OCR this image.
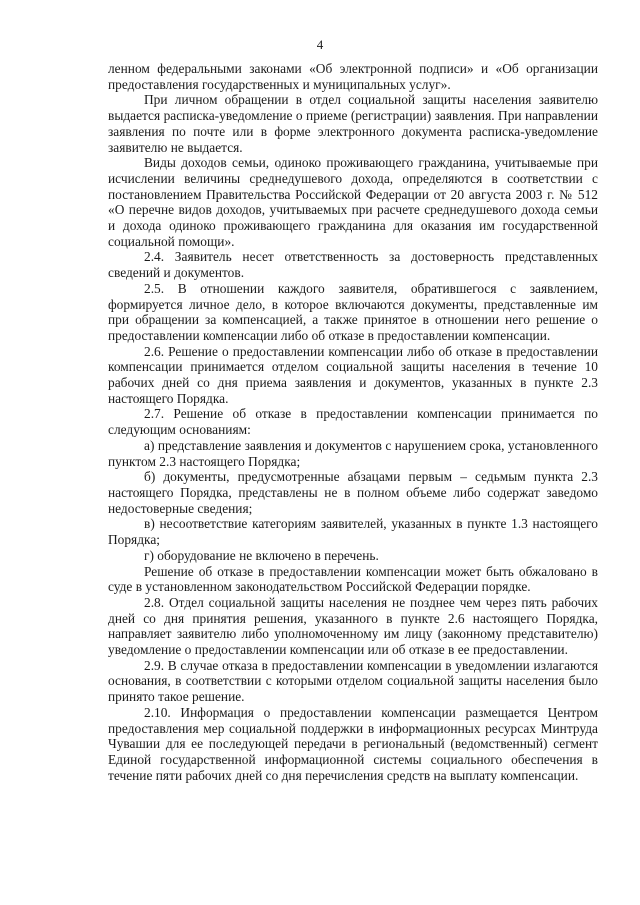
4

ленном федеральными законами «Об электронной подписи» и «Об организации предоставления государственных и муниципальных услуг».

При личном обращении в отдел социальной защиты населения заявителю выдается расписка-уведомление о приеме (регистрации) заявления. При направлении заявления по почте или в форме электронного документа расписка-уведомление заявителю не выдается.

Виды доходов семьи, одиноко проживающего гражданина, учитываемые при исчислении величины среднедушевого дохода, определяются в соответствии с постановлением Правительства Российской Федерации от 20 августа 2003 г. № 512 «О перечне видов доходов, учитываемых при расчете среднедушевого дохода семьи и дохода одиноко проживающего гражданина для оказания им государственной социальной помощи».

2.4. Заявитель несет ответственность за достоверность представленных сведений и документов.

2.5. В отношении каждого заявителя, обратившегося с заявлением, формируется личное дело, в которое включаются документы, представленные им при обращении за компенсацией, а также принятое в отношении него решение о предоставлении компенсации либо об отказе в предоставлении компенсации.

2.6. Решение о предоставлении компенсации либо об отказе в предоставлении компенсации принимается отделом социальной защиты населения в течение 10 рабочих дней со дня приема заявления и документов, указанных в пункте 2.3 настоящего Порядка.

2.7. Решение об отказе в предоставлении компенсации принимается по следующим основаниям:

а) представление заявления и документов с нарушением срока, установленного пунктом 2.3 настоящего Порядка;

б) документы, предусмотренные абзацами первым – седьмым пункта 2.3 настоящего Порядка, представлены не в полном объеме либо содержат заведомо недостоверные сведения;

в) несоответствие категориям заявителей, указанных в пункте 1.3 настоящего Порядка;

г) оборудование не включено в перечень.

Решение об отказе в предоставлении компенсации может быть обжаловано в суде в установленном законодательством Российской Федерации порядке.

2.8. Отдел социальной защиты населения не позднее чем через пять рабочих дней со дня принятия решения, указанного в пункте 2.6 настоящего Порядка, направляет заявителю либо уполномоченному им лицу (законному представителю) уведомление о предоставлении компенсации или об отказе в ее предоставлении.

2.9. В случае отказа в предоставлении компенсации в уведомлении излагаются основания, в соответствии с которыми отделом социальной защиты населения было принято такое решение.

2.10. Информация о предоставлении компенсации размещается Центром предоставления мер социальной поддержки в информационных ресурсах Минтруда Чувашии для ее последующей передачи в региональный (ведомственный) сегмент Единой государственной информационной системы социального обеспечения в течение пяти рабочих дней со дня перечисления средств на выплату компенсации.
